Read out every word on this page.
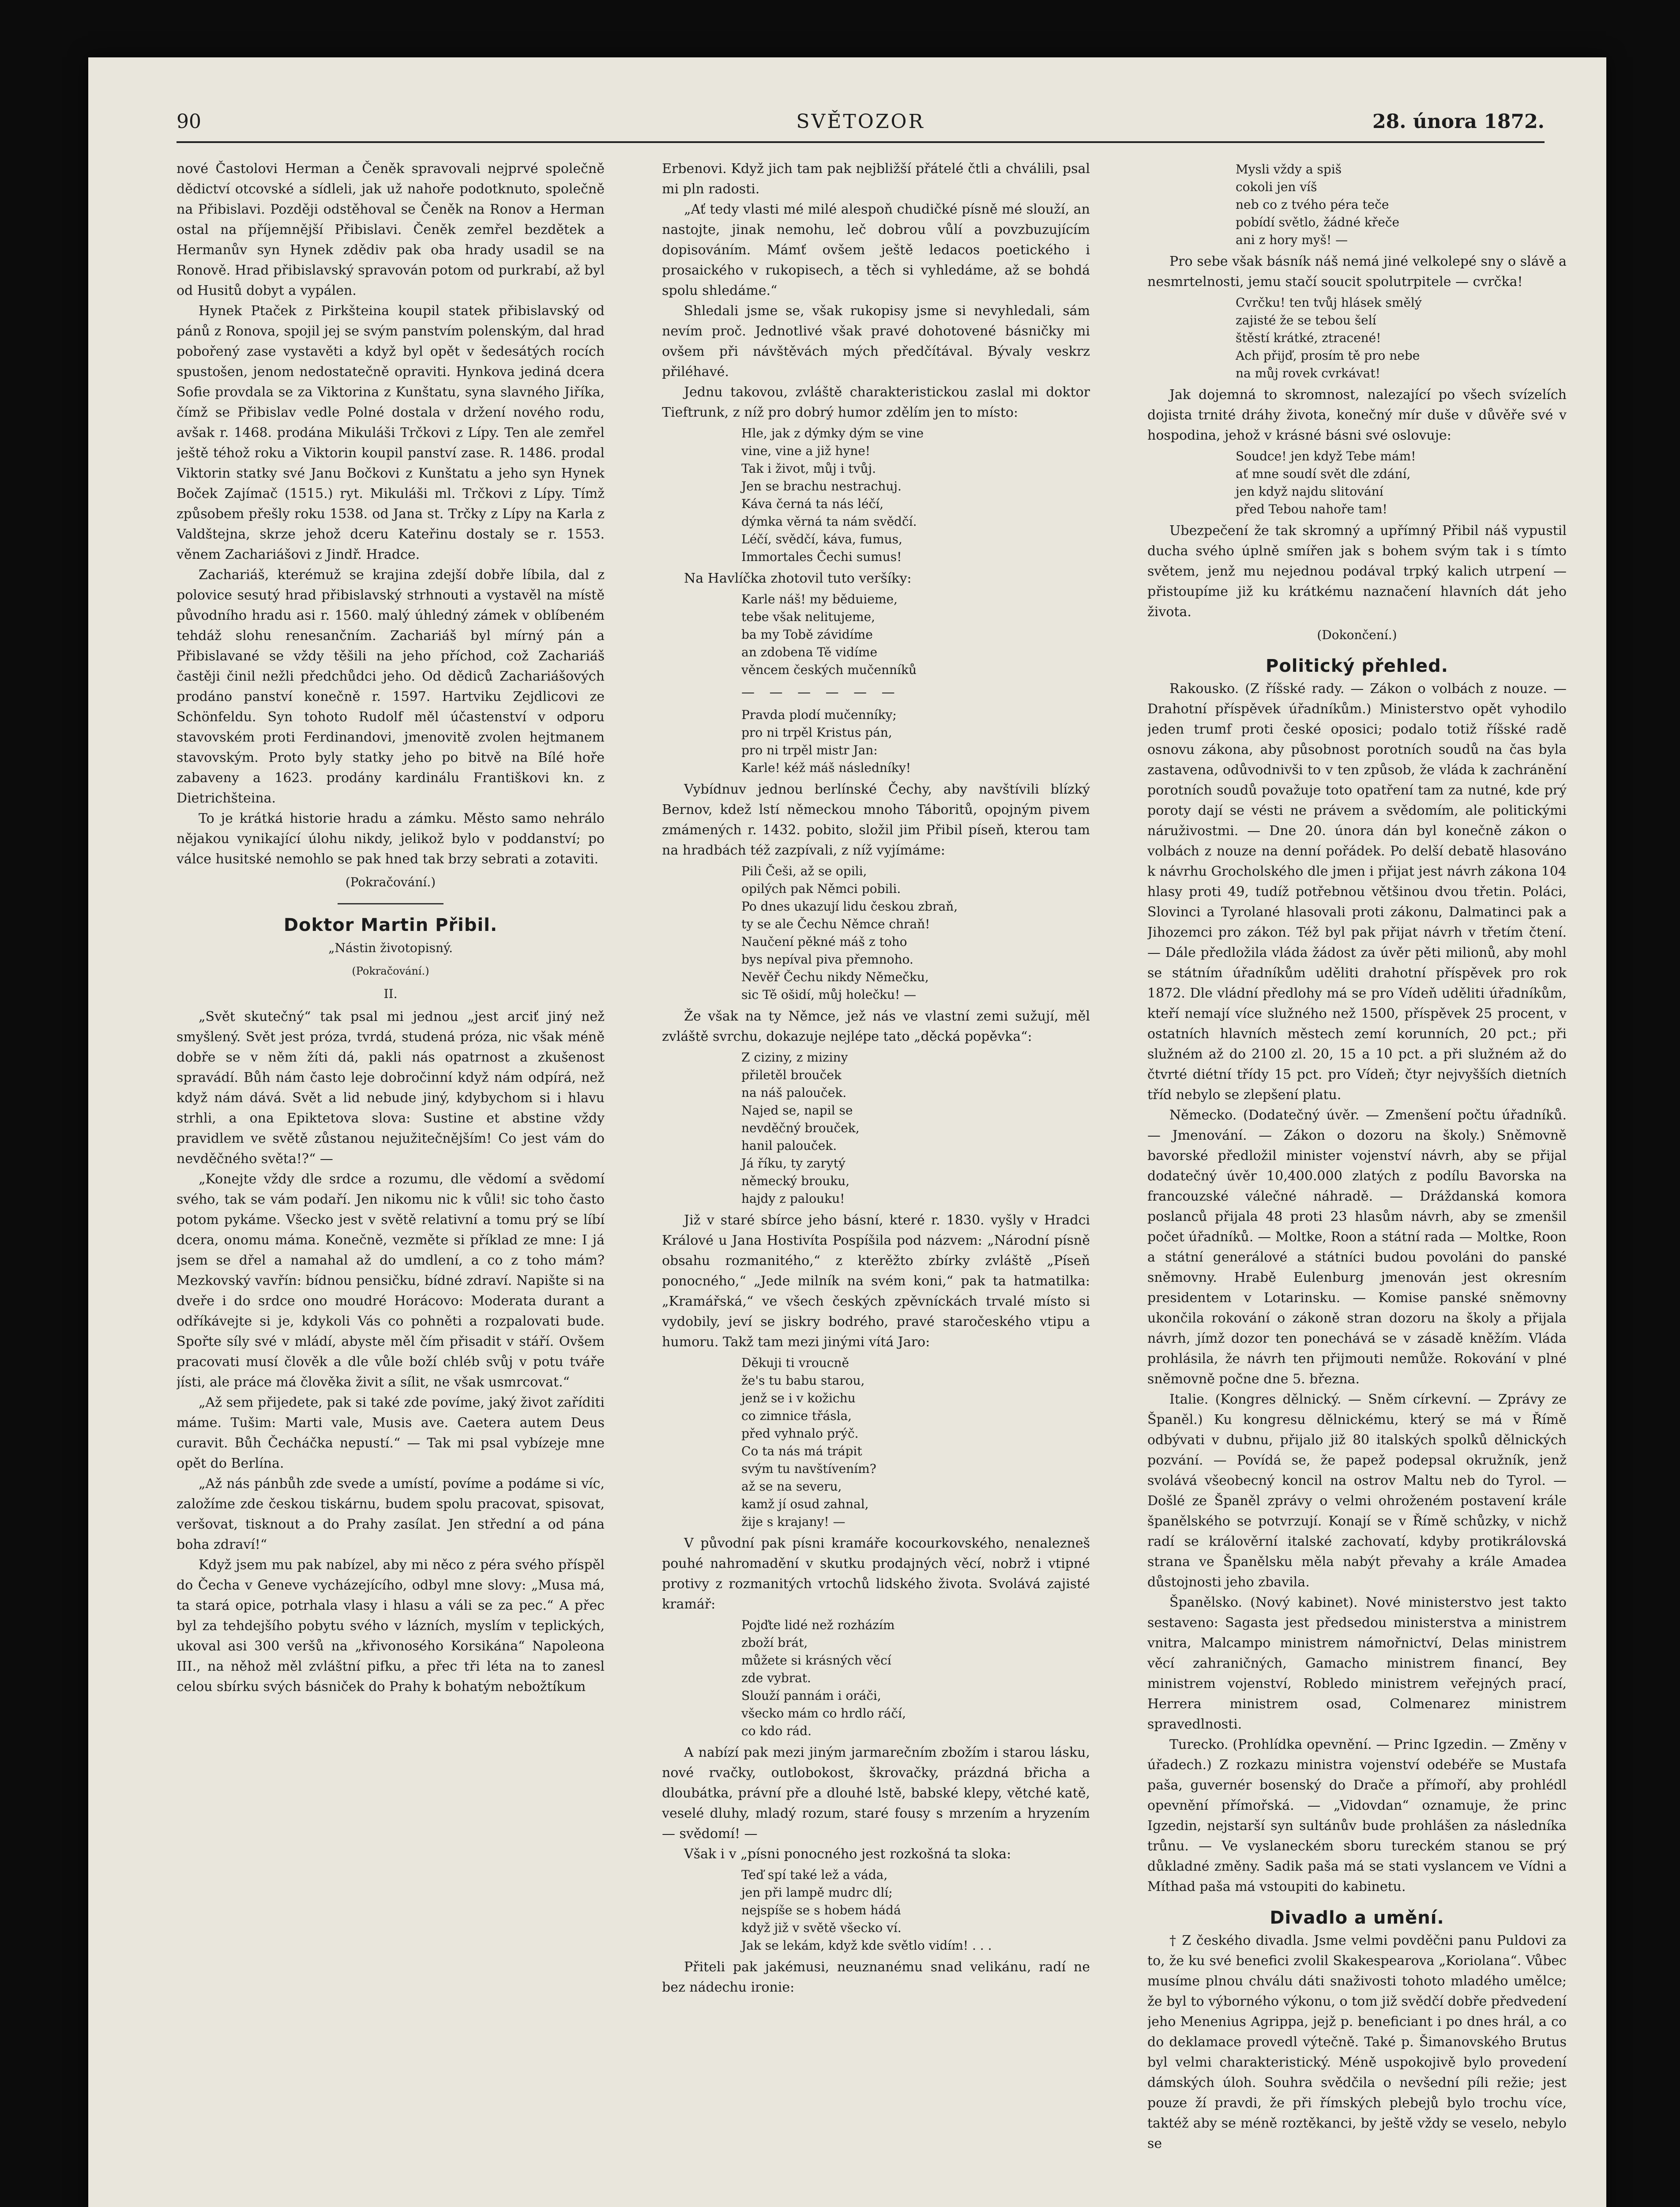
90	SVĚTOZOR	28. února 1872.

nové Častolovi Herman a Čeněk spravovali nejprvé společně dědictví otcovské a sídleli, jak už nahoře podotknuto, společně na Přibislavi. Později odstěhoval se Čeněk na Ronov a Herman ostal na příjemnější Přibislavi. Čeněk zemřel bezdětek a Hermanův syn Hynek zdědiv pak oba hrady usadil se na Ronově. Hrad přibislavský spravován potom od purkrabí, až byl od Husitů dobyt a vypálen.

Hynek Ptaček z Pirkšteina koupil statek přibislavský od pánů z Ronova, spojil jej se svým panstvím polenským, dal hrad pobořený zase vystavěti a když byl opět v šedesátých rocích spustošen, jenom nedostatečně opraviti. Hynkova jediná dcera Sofie provdala se za Viktorina z Kunštatu, syna slavného Jiříka, čímž se Přibislav vedle Polné dostala v držení nového rodu, avšak r. 1468. prodána Mikuláši Trčkovi z Lípy. Ten ale zemřel ještě téhož roku a Viktorin koupil panství zase. R. 1486. prodal Viktorin statky své Janu Bočkovi z Kunštatu a jeho syn Hynek Boček Zajímač (1515.) ryt. Mikuláši ml. Trčkovi z Lípy. Tímž způsobem přešly roku 1538. od Jana st. Trčky z Lípy na Karla z Valdštejna, skrze jehož dceru Kateřinu dostaly se r. 1553. věnem Zachariášovi z Jindř. Hradce.

Zachariáš, kterémuž se krajina zdejší dobře líbila, dal z polovice sesutý hrad přibislavský strhnouti a vystavěl na místě původního hradu asi r. 1560. malý úhledný zámek v oblíbeném tehdáž slohu renesančním. Zachariáš byl mírný pán a Přibislavané se vždy těšili na jeho příchod, což Zachariáš častěji činil nežli předchůdci jeho. Od dědiců Zachariášových prodáno panství konečně r. 1597. Hartviku Zejdlicovi ze Schönfeldu. Syn tohoto Rudolf měl účastenství v odporu stavovském proti Ferdinandovi, jmenovitě zvolen hejtmanem stavovským. Proto byly statky jeho po bitvě na Bílé hoře zabaveny a 1623. prodány kardinálu Františkovi kn. z Dietrichšteina.

To je krátká historie hradu a zámku. Město samo nehrálo nějakou vynikající úlohu nikdy, jelikož bylo v poddanství; po válce husitské nemohlo se pak hned tak brzy sebrati a zotaviti.

(Pokračování.)
Doktor Martin Přibil.
„Nástin životopisný.
(Pokračování.)
II.

„Svět skutečný“ tak psal mi jednou „jest arciť jiný než smyšlený. Svět jest próza, tvrdá, studená próza, nic však méně dobře se v něm žíti dá, pakli nás opatrnost a zkušenost spravádí. Bůh nám často leje dobročinní když nám odpírá, než když nám dává. Svět a lid nebude jiný, kdybychom si i hlavu strhli, a ona Epiktetova slova: Sustine et abstine vždy pravidlem ve světě zůstanou nejužitečnějším! Co jest vám do nevděčného světa!?“ —

„Konejte vždy dle srdce a rozumu, dle vědomí a svědomí svého, tak se vám podaří. Jen nikomu nic k vůli! sic toho často potom pykáme. Všecko jest v světě relativní a tomu prý se líbí dcera, onomu máma. Konečně, vezměte si příklad ze mne: I já jsem se dřel a namahal až do umdlení, a co z toho mám? Mezkovský vavřín: bídnou pensičku, bídné zdraví. Napište si na dveře i do srdce ono moudré Horácovo: Moderata durant a odříkávejte si je, kdykoli Vás co pohněti a rozpalovati bude. Spořte síly své v mládí, abyste měl čím přisadit v stáří. Ovšem pracovati musí člověk a dle vůle boží chléb svůj v potu tváře jísti, ale práce má člověka živit a sílit, ne však usmrcovat.“

„Až sem přijedete, pak si také zde povíme, jaký život zaříditi máme. Tušim: Marti vale, Musis ave. Caetera autem Deus curavit. Bůh Čecháčka nepustí.“ — Tak mi psal vybízeje mne opět do Berlína.

„Až nás pánbůh zde svede a umístí, povíme a podáme si víc, založíme zde českou tiskárnu, budem spolu pracovat, spisovat, veršovat, tisknout a do Prahy zasílat. Jen střední a od pána boha zdraví!“

Když jsem mu pak nabízel, aby mi něco z péra svého příspěl do Čecha v Geneve vycházejícího, odbyl mne slovy: „Musa má, ta stará opice, potrhala vlasy i hlasu a váli se za pec.“ A přec byl za tehdejšího pobytu svého v lázních, myslím v teplických, ukoval asi 300 veršů na „křivonosého Korsikána“ Napoleona III., na něhož měl zvláštní pifku, a přec tři léta na to zanesl celou sbírku svých básniček do Prahy k bohatým nebožtíkum

Erbenovi. Když jich tam pak nejbližší přátelé čtli a chválili, psal mi pln radosti.

„Ať tedy vlasti mé milé alespoň chudičké písně mé slouží, an nastojte, jinak nemohu, leč dobrou vůlí a povzbuzujícím dopisováním. Mámť ovšem ještě ledacos poetického i prosaického v rukopisech, a těch si vyhledáme, až se bohdá spolu shledáme.“

Shledali jsme se, však rukopisy jsme si nevyhledali, sám nevím proč. Jednotlivé však pravé dohotovené básničky mi ovšem při návštěvách mých předčítával. Bývaly veskrz přiléhavé.

Jednu takovou, zvláště charakteristickou zaslal mi doktor Tieftrunk, z níž pro dobrý humor zdělím jen to místo:

Hle, jak z dýmky dým se vine
vine, vine a již hyne!
Tak i život, můj i tvůj.
Jen se brachu nestrachuj.
Káva černá ta nás léčí,
dýmka věrná ta nám svědčí.
Léčí, svědčí, káva, fumus,
Immortales Čechi sumus!

Na Havlíčka zhotovil tuto veršíky:

Karle náš! my běduieme,
tebe však nelitujeme,
ba my Tobě závidíme
an zdobena Tě vidíme
věncem českých mučenníků
— — — — — —
Pravda plodí mučenníky;
pro ni trpěl Kristus pán,
pro ni trpěl mistr Jan:
Karle! kéž máš následníky!

Vybídnuv jednou berlínské Čechy, aby navštívili blízký Bernov, kdež lstí německou mnoho Táboritů, opojným pivem zmámených r. 1432. pobito, složil jim Přibil píseň, kterou tam na hradbách též zazpívali, z níž vyjímáme:

Pili Češi, až se opili,
opilých pak Němci pobili.
Po dnes ukazují lidu českou zbraň,
ty se ale Čechu Němce chraň!
Naučení pěkné máš z toho
bys nepíval piva přemnoho.
Nevěř Čechu nikdy Němečku,
sic Tě ošidí, můj holečku! —

Že však na ty Němce, jež nás ve vlastní zemi sužují, měl zvláště svrchu, dokazuje nejlépe tato „děcká popěvka“:

Z ciziny, z miziny
přiletěl brouček
na náš palouček.
Najed se, napil se
nevděčný brouček,
hanil palouček.
Já říku, ty zarytý
německý brouku,
hajdy z palouku!

Již v staré sbírce jeho básní, které r. 1830. vyšly v Hradci Králové u Jana Hostivíta Pospíšila pod názvem: „Národní písně obsahu rozmanitého,“ z kterěžto zbírky zvláště „Píseň ponocného,“ „Jede milník na svém koni,“ pak ta hatmatilka: „Kramářská,“ ve všech českých zpěvníckách trvalé místo si vydobily, jeví se jiskry bodrého, pravé staročeského vtipu a humoru. Takž tam mezi jinými vítá Jaro:

Děkuji ti vroucně
že's tu babu starou,
jenž se i v kožichu
co zimnice třásla,
před vyhnalo prýč.
Co ta nás má trápit
svým tu navštívením?
až se na severu,
kamž jí osud zahnal,
žije s krajany! —

V původní pak písni kramáře kocourkovského, nenalezneš pouhé nahromadění v skutku prodajných věcí, nobrž i vtipné protivy z rozmanitých vrtochů lidského života. Svolává zajisté kramář:

Pojďte lidé než rozházím
zboží brát,
můžete si krásných věcí
zde vybrat.
Slouží pannám i oráči,
všecko mám co hrdlo ráčí,
co kdo rád.

A nabízí pak mezi jiným jarmarečním zbožím i starou lásku, nové rvačky, outlobokost, škrovačky, prázdná břicha a dloubátka, právní pře a dlouhé lstě, babské klepy, větché katě, veselé dluhy, mladý rozum, staré fousy s mrzením a hryzením — svědomí! —

Však i v „písni ponocného jest rozkošná ta sloka:

Teď spí také lež a váda,
jen při lampě mudrc dlí;
nejspíše se s hobem hádá
když již v světě všecko ví.
Jak se lekám, když kde světlo vidím! . . .

Přiteli pak jakémusi, neuznanému snad velikánu, radí ne bez nádechu ironie:

Mysli vždy a spiš
cokoli jen víš
neb co z tvého péra teče
pobídí světlo, žádné křeče
ani z hory myš! —

Pro sebe však básník náš nemá jiné velkolepé sny o slávě a nesmrtelnosti, jemu stačí soucit spolutrpitele — cvrčka!

Cvrčku! ten tvůj hlásek smělý
zajisté že se tebou šelí
štěstí krátké, ztracené!
Ach přijď, prosím tě pro nebe
na můj rovek cvrkávat!

Jak dojemná to skromnost, nalezající po všech svízelích dojista trnité dráhy života, konečný mír duše v důvěře své v hospodina, jehož v krásné básni své oslovuje:

Soudce! jen když Tebe mám!
ať mne soudí svět dle zdání,
jen když najdu slitování
před Tebou nahoře tam!

Ubezpečení že tak skromný a upřímný Přibil náš vypustil ducha svého úplně smířen jak s bohem svým tak i s tímto světem, jenž mu nejednou podával trpký kalich utrpení — přistoupíme již ku krátkému naznačení hlavních dát jeho života.

(Dokončení.)
Politický přehled.

Rakousko. (Z říšské rady. — Zákon o volbách z nouze. — Drahotní příspěvek úřadníkům.) Ministerstvo opět vyhodilo jeden trumf proti české oposici; podalo totiž říšské radě osnovu zákona, aby působnost porotních soudů na čas byla zastavena, odůvodnivši to v ten způsob, že vláda k zachránění porotních soudů považuje toto opatření tam za nutné, kde prý poroty dají se vésti ne právem a svědomím, ale politickými náruživostmi. — Dne 20. února dán byl konečně zákon o volbách z nouze na denní pořádek. Po delší debatě hlasováno k návrhu Grocholského dle jmen i přijat jest návrh zákona 104 hlasy proti 49, tudíž potřebnou většinou dvou třetin. Poláci, Slovinci a Tyrolané hlasovali proti zákonu, Dalmatinci pak a Jihozemci pro zákon. Též byl pak přijat návrh v třetím čtení. — Dále předložila vláda žádost za úvěr pěti milionů, aby mohl se státním úřadníkům uděliti drahotní příspěvek pro rok 1872. Dle vládní předlohy má se pro Vídeň uděliti úřadníkům, kteří nemají více služného než 1500, příspěvek 25 procent, v ostatních hlavních městech zemí korunních, 20 pct.; při služném až do 2100 zl. 20, 15 a 10 pct. a při služném až do čtvrté diétní třídy 15 pct. pro Vídeň; čtyr nejvyšších dietních tříd nebylo se zlepšení platu.

Německo. (Dodatečný úvěr. — Zmenšení počtu úřadníků. — Jmenování. — Zákon o dozoru na školy.) Sněmovně bavorské předložil minister vojenství návrh, aby se přijal dodatečný úvěr 10,400.000 zlatých z podílu Bavorska na francouzské válečné náhradě. — Dráždanská komora poslanců přijala 48 proti 23 hlasům návrh, aby se zmenšil počet úřadníků. — Moltke, Roon a státní rada — Moltke, Roon a státní generálové a státníci budou povoláni do panské sněmovny. Hrabě Eulenburg jmenován jest okresním presidentem v Lotarinsku. — Komise panské sněmovny ukončila rokování o zákoně stran dozoru na školy a přijala návrh, jímž dozor ten ponechává se v zásadě kněžím. Vláda prohlásila, že návrh ten přijmouti nemůže. Rokování v plné sněmovně počne dne 5. března.

Italie. (Kongres dělnický. — Sněm církevní. — Zprávy ze Španěl.) Ku kongresu dělnickému, který se má v Římě odbývati v dubnu, přijalo již 80 italských spolků dělnických pozvání. — Povídá se, že papež podepsal okružník, jenž svolává všeobecný koncil na ostrov Maltu neb do Tyrol. — Došlé ze Španěl zprávy o velmi ohroženém postavení krále španělského se potvrzují. Konají se v Římě schůzky, v nichž radí se králověrní italské zachovatí, kdyby protikrálovská strana ve Španělsku měla nabýt převahy a krále Amadea důstojnosti jeho zbavila.

Španělsko. (Nový kabinet). Nové ministerstvo jest takto sestaveno: Sagasta jest předsedou ministerstva a ministrem vnitra, Malcampo ministrem námořnictví, Delas ministrem věcí zahraničných, Gamacho ministrem financí, Bey ministrem vojenství, Robledo ministrem veřejných prací, Herrera ministrem osad, Colmenarez ministrem spravedlnosti.

Turecko. (Prohlídka opevnění. — Princ Igzedin. — Změny v úřadech.) Z rozkazu ministra vojenství odebéře se Mustafa paša, guvernér bosenský do Drače a přímoří, aby prohlédl opevnění přímořská. — „Vidovdan“ oznamuje, že princ Igzedin, nejstarší syn sultánův bude prohlášen za následníka trůnu. — Ve vyslaneckém sboru tureckém stanou se prý důkladné změny. Sadik paša má se stati vyslancem ve Vídni a Míthad paša má vstoupiti do kabinetu.

Divadlo a umění.

† Z českého divadla. Jsme velmi povděčni panu Puldovi za to, že ku své benefici zvolil Skakespearova „Koriolana“. Vůbec musíme plnou chválu dáti snaživosti tohoto mladého umělce; že byl to výborného výkonu, o tom již svědčí dobře předvedení jeho Menenius Agrippa, jejž p. beneficiant i po dnes hrál, a co do deklamace provedl výtečně. Také p. Šimanovského Brutus byl velmi charakteristický. Méně uspokojivě bylo provedení dámských úloh. Souhra svědčila o nevšední píli režie; jest pouze ží pravdi, že při římských plebejů bylo trochu více, taktéž aby se méně roztěkanci, by ještě vždy se veselo, nebylo se
